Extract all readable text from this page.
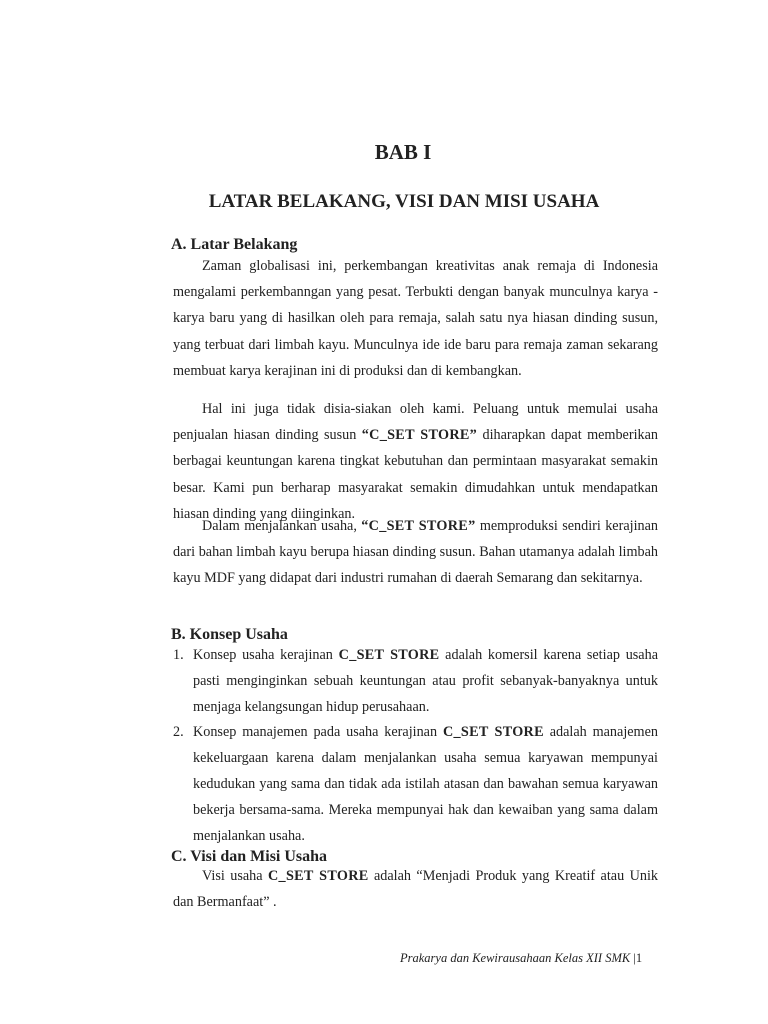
BAB I
LATAR BELAKANG, VISI DAN MISI USAHA
A. Latar Belakang

Zaman globalisasi ini, perkembangan kreativitas anak remaja di Indonesia mengalami perkembanngan yang pesat. Terbukti dengan banyak munculnya karya - karya baru yang di hasilkan oleh para remaja, salah satu nya hiasan dinding susun, yang terbuat dari limbah kayu. Munculnya ide ide baru para remaja zaman sekarang membuat karya kerajinan ini di produksi dan di kembangkan.

Hal ini juga tidak disia-siakan oleh kami. Peluang untuk memulai usaha penjualan hiasan dinding susun “C_SET STORE” diharapkan dapat memberikan berbagai keuntungan karena tingkat kebutuhan dan permintaan masyarakat semakin besar. Kami pun berharap masyarakat semakin dimudahkan untuk mendapatkan hiasan dinding yang diinginkan.

Dalam menjalankan usaha, “C_SET STORE” memproduksi sendiri kerajinan dari bahan limbah kayu berupa hiasan dinding susun. Bahan utamanya adalah limbah kayu MDF yang didapat dari industri rumahan di daerah Semarang dan sekitarnya.

B. Konsep Usaha
1. Konsep usaha kerajinan C_SET STORE adalah komersil karena setiap usaha pasti menginginkan sebuah keuntungan atau profit sebanyak-banyaknya untuk menjaga kelangsungan hidup perusahaan.
2. Konsep manajemen pada usaha kerajinan C_SET STORE adalah manajemen kekeluargaan karena dalam menjalankan usaha semua karyawan mempunyai kedudukan yang sama dan tidak ada istilah atasan dan bawahan semua karyawan bekerja bersama-sama. Mereka mempunyai hak dan kewaiban yang sama dalam menjalankan usaha.
C. Visi dan Misi Usaha

Visi usaha C_SET STORE adalah “Menjadi Produk yang Kreatif atau Unik dan Bermanfaat” .

Prakarya dan Kewirausahaan Kelas XII SMK |1
